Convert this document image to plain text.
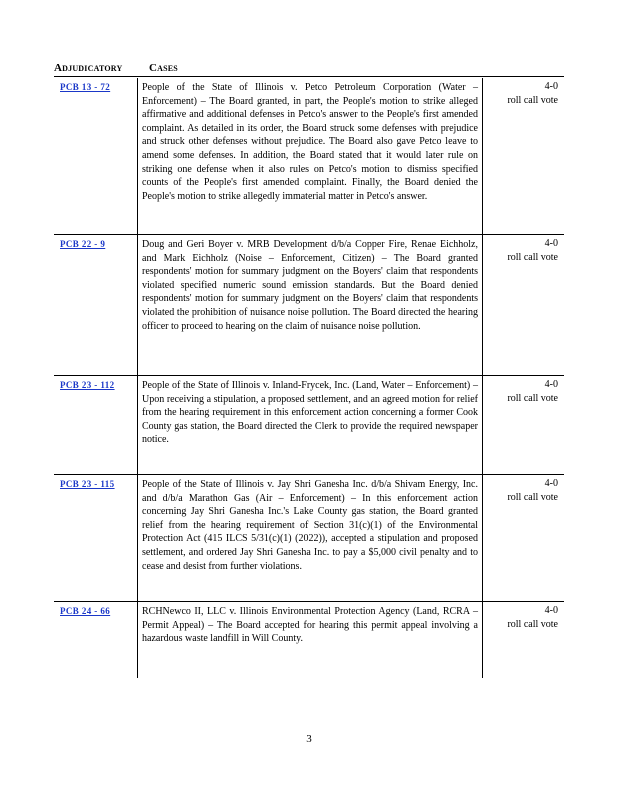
Adjudicatory Cases
PCB 13 - 72	People of the State of Illinois v. Petco Petroleum Corporation (Water – Enforcement) – The Board granted, in part, the People's motion to strike alleged affirmative and additional defenses in Petco's answer to the People's first amended complaint. As detailed in its order, the Board struck some defenses with prejudice and struck other defenses without prejudice. The Board also gave Petco leave to amend some defenses. In addition, the Board stated that it would later rule on striking one defense when it also rules on Petco's motion to dismiss specified counts of the People's first amended complaint. Finally, the Board denied the People's motion to strike allegedly immaterial matter in Petco's answer.
4-0
roll call vote
PCB 22 - 9	Doug and Geri Boyer v. MRB Development d/b/a Copper Fire, Renae Eichholz, and Mark Eichholz (Noise – Enforcement, Citizen) – The Board granted respondents' motion for summary judgment on the Boyers' claim that respondents violated specified numeric sound emission standards. But the Board denied respondents' motion for summary judgment on the Boyers' claim that respondents violated the prohibition of nuisance noise pollution. The Board directed the hearing officer to proceed to hearing on the claim of nuisance noise pollution.
4-0
roll call vote
PCB 23 - 112	People of the State of Illinois v. Inland-Frycek, Inc. (Land, Water – Enforcement) – Upon receiving a stipulation, a proposed settlement, and an agreed motion for relief from the hearing requirement in this enforcement action concerning a former Cook County gas station, the Board directed the Clerk to provide the required newspaper notice.
4-0
roll call vote
PCB 23 - 115	People of the State of Illinois v. Jay Shri Ganesha Inc. d/b/a Shivam Energy, Inc. and d/b/a Marathon Gas (Air – Enforcement) – In this enforcement action concerning Jay Shri Ganesha Inc.'s Lake County gas station, the Board granted relief from the hearing requirement of Section 31(c)(1) of the Environmental Protection Act (415 ILCS 5/31(c)(1) (2022)), accepted a stipulation and proposed settlement, and ordered Jay Shri Ganesha Inc. to pay a $5,000 civil penalty and to cease and desist from further violations.
4-0
roll call vote
PCB 24 - 66	RCHNewco II, LLC v. Illinois Environmental Protection Agency (Land, RCRA – Permit Appeal) – The Board accepted for hearing this permit appeal involving a hazardous waste landfill in Will County.
4-0
roll call vote
3
